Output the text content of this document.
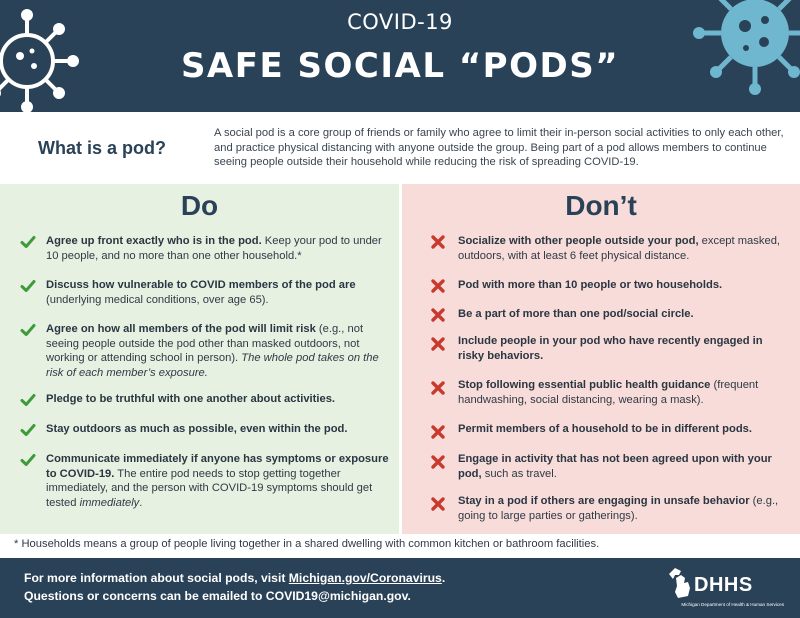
COVID-19
SAFE SOCIAL “PODS”
What is a pod?
A social pod is a core group of friends or family who agree to limit their in-person social activities to only each other, and practice physical distancing with anyone outside the group. Being part of a pod allows members to continue seeing people outside their household while reducing the risk of spreading COVID-19.
Do
Agree up front exactly who is in the pod. Keep your pod to under 10 people, and no more than one other household.*
Discuss how vulnerable to COVID members of the pod are (underlying medical conditions, over age 65).
Agree on how all members of the pod will limit risk (e.g., not seeing people outside the pod other than masked outdoors, not working or attending school in person). The whole pod takes on the risk of each member’s exposure.
Pledge to be truthful with one another about activities.
Stay outdoors as much as possible, even within the pod.
Communicate immediately if anyone has symptoms or exposure to COVID-19. The entire pod needs to stop getting together immediately, and the person with COVID-19 symptoms should get tested immediately.
Don’t
Socialize with other people outside your pod, except masked, outdoors, with at least 6 feet physical distance.
Pod with more than 10 people or two households.
Be a part of more than one pod/social circle.
Include people in your pod who have recently engaged in risky behaviors.
Stop following essential public health guidance (frequent handwashing, social distancing, wearing a mask).
Permit members of a household to be in different pods.
Engage in activity that has not been agreed upon with your pod, such as travel.
Stay in a pod if others are engaging in unsafe behavior (e.g., going to large parties or gatherings).
* Households means a group of people living together in a shared dwelling with common kitchen or bathroom facilities.
For more information about social pods, visit Michigan.gov/Coronavirus.
Questions or concerns can be emailed to COVID19@michigan.gov.	DHHS
Michigan Department of Health & Human Services
